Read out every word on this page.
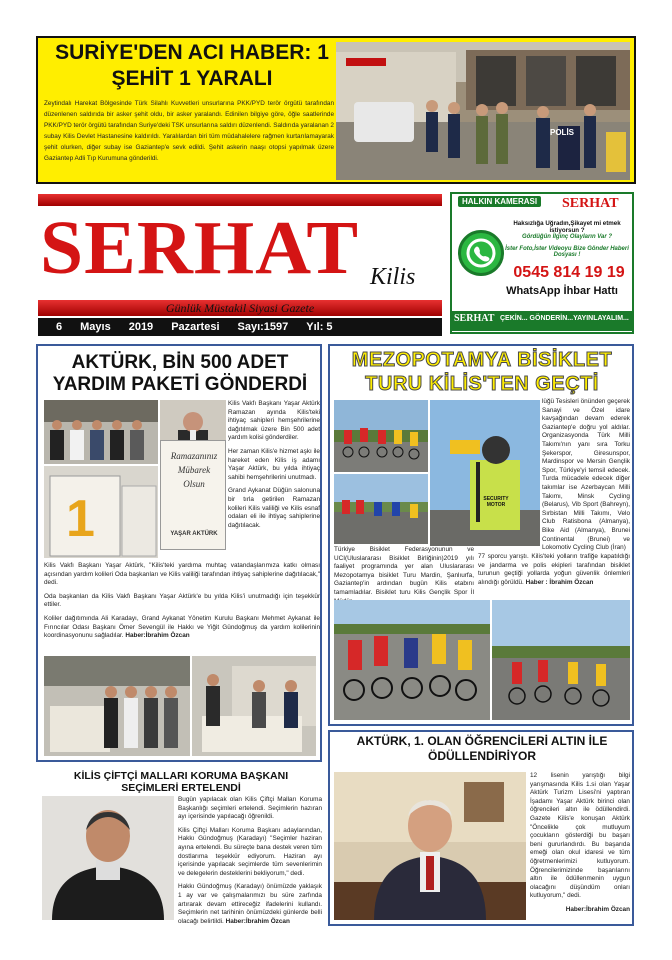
SURİYE'DEN ACI HABER: 1 ŞEHİT 1 YARALI
Zeytindalı Harekat Bölgesinde Türk Silahlı Kuvvetleri unsurlarına PKK/PYD terör örgütü tarafından düzenlenen saldırıda bir asker şehit oldu, bir asker yaralandı. Edinilen bilgiye göre, öğle saatlerinde PKK/PYD terör örgütü tarafından Suriye'deki TSK unsurlarına saldırı düzenlendi. Saldırıda yaralanan 2 subay Kilis Devlet Hastanesine kaldırıldı. Yaralılardan biri tüm müdahalelere rağmen kurtarılamayarak şehit olurken, diğer subay ise Gaziantep'e sevk edildi. Şehit askerin naaşı otopsi yapılmak üzere Gaziantep Adli Tıp Kurumuna gönderildi.
POLİS
SERHAT Kilis
Günlük Müstakil Siyasi Gazete
6 Mayıs 2019 Pazartesi Sayı:1597 Yıl: 5
HALKIN KAMERASI SERHAT
Haksızlığa Uğradın,Şikayet mi etmek istiyorsun ?
Gördüğün İlginç Olayların Var ?
İster Foto,İster Videoyu Bize Gönder Haberi Dosyası !
0545 814 19 19
WhatsApp İhbar Hattı
SERHAT ÇEKİN... GÖNDERİN...YAYINLAYALIM...
AKTÜRK, BİN 500 ADET YARDIM PAKETİ GÖNDERDİ
1
Ramazanınız
Mübarek
Olsun
YAŞAR AKTÜRK

Kilis Vakfı Başkanı Yaşar Aktürk Ramazan ayında Kilis'teki ihtiyaç sahipleri hemşehrilerine dağıtılmak üzere Bin 500 adet yardım kolisi gönderdiler.

Her zaman Kilis'e hizmet aşkı ile hareket eden Kilis iş adamı Yaşar Aktürk, bu yılda ihtiyaç sahibi hemşehrilerini unutmadı.

Grand Aykanat Düğün salonuna bir tırla getirilen Ramazan kolileri Kilis valiliği ve Kilis esnaf odaları eli ile ihtiyaç sahiplerine dağıtılacak.

Kilis Vakfı Başkanı Yaşar Aktürk, "Kilis'teki yardıma muhtaç vatandaşlarımıza katkı olması açısından yardım kolileri Oda başkanları ve Kilis valiliği tarafından ihtiyaç sahiplerine dağıtılacak," dedi.

Oda başkanları da Kilis Vakfı Başkanı Yaşar Aktürk'e bu yılda Kilis'i unutmadığı için teşekkür ettiler.

Koliler dağıtımında Ali Karadayı, Grand Aykanat Yönetim Kurulu Başkanı Mehmet Aykanat ile Fırıncılar Odası Başkanı Ömer Sevengül ile Hakkı ve Yiğit Gündoğmuş da yardım kolilerinin koordinasyonunu sağladılar. Haber:İbrahim Özcan

KİLİS ÇİFTÇİ MALLARI KORUMA BAŞKANI SEÇİMLERİ ERTELENDİ

Bugün yapılacak olan Kilis Çiftçi Malları Koruma Başkanlığı seçimleri ertelendi. Seçimlerin hazıran ayı içerisinde yapılacağı öğrenildi.

Kilis Çiftçi Malları Koruma Başkanı adaylarından, Hakkı Gündoğmuş (Karadayı) "Seçimler haziran ayına ertelendi. Bu süreçte bana destek veren tüm dostlarıma teşekkür ediyorum. Haziran ayı içerisinde yapılacak seçimlerde tüm sevenlerimin ve delegelerin desteklerini bekliyorum," dedi.

Hakkı Gündoğmuş (Karadayı) önümüzde yaklaşık 1 ay var ve çalışmalarımızı bu süre zarfında artırarak devam ettireceğiz ifadelerini kullandı. Seçimlerin net tarihinin önümüzdeki günlerde belli olacağı belirtildi. Haber:İbrahim Özcan

MEZOPOTAMYA BİSİKLET TURU KİLİS'TEN GEÇTİ
SECURITY MOTOR
lüğü Tesisleri önünden geçerek Sanayi ve Özel idare kavşağından devam ederek Gaziantep'e doğru yol aldılar. Organizasyonda Türk Milli Takımı'nın yanı sıra Torku Şekerspor, Giresunspor, Mardinspor ve Mersin Gençlik Spor, Türkiye'yi temsil edecek. Turda mücadele edecek diğer takımlar ise Azerbaycan Milli Takımı, Minsk Cycling (Belarus), Vib Sport (Bahreyn), Sırbistan Milli Takımı, Velo Club Ratisbona (Almanya), Bike Aid (Almanya), Brunei Continental (Brunei) ve Lokomotiv Cycling Club (İran)
Türkiye Bisiklet Federasyonunun ve UCI(Uluslararası Bisiklet Birliğinin)2019 yılı faaliyet programında yer alan Uluslararası Mezopotamya bisiklet Turu Mardin, Şanlıurfa, Gaziantep'in ardından bugün Kilis etabını tamamladılar. Bisiklet turu Kilis Gençlik Spor İl
77 sporcu yarıştı. Kilis'teki yolların trafiğe kapatıldığı ve jandarma ve polis ekipleri tarafından bisiklet turunun geçtiği yollarda yoğun güvenlik önlemleri alındığı görüldü. Haber : İbrahim Özcan
AKTÜRK, 1. OLAN ÖĞRENCİLERİ ALTIN İLE ÖDÜLLENDİRİYOR

12 lisenin yarıştığı bilgi yarışmasında Kilis 1.si olan Yaşar Aktürk Turizm Lisesi'ni yaptıran İşadamı Yaşar Aktürk birinci olan öğrencileri altın ile ödüllendirdi. Gazete Kilis'e konuşan Aktürk "Öncelikle çok mutluyum çocukların gösterdiği bu başarı beni gururlandırdı. Bu başarıda emeği olan okul idaresi ve tüm öğretmenlerimizi kutluyorum. Öğrencilerimizinde başarılarını altın ile ödüllenmenin uygun olacağını düşündüm onları kutluyorum," dedi.

Haber:İbrahim Özcan
